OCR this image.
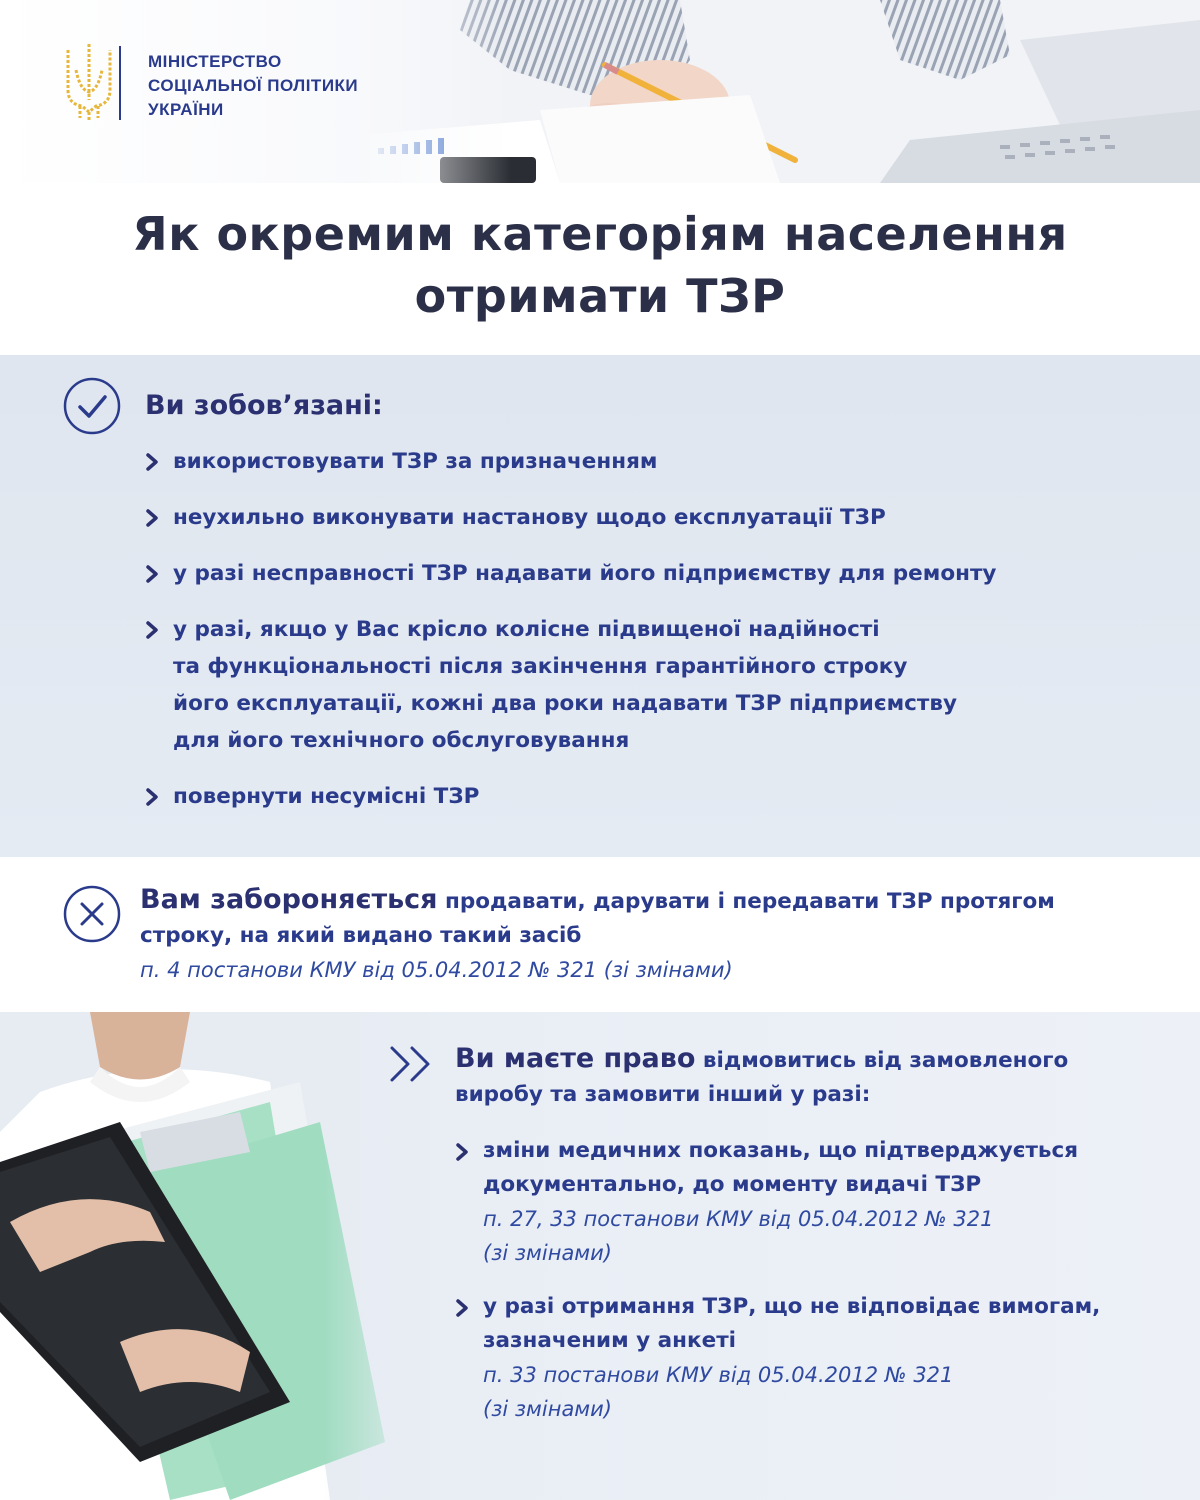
МІНІСТЕРСТВО
СОЦІАЛЬНОЇ ПОЛІТИКИ
УКРАЇНИ
Як окремим категоріям населення
отримати ТЗР
Ви зобов’язані:
використовувати ТЗР за призначенням
неухильно виконувати настанову щодо експлуатації ТЗР
у разі несправності ТЗР надавати його підприємству для ремонту
у разі, якщо у Вас крісло колісне підвищеної надійності
та функціональності після закінчення гарантійного строку
його експлуатації, кожні два роки надавати ТЗР підприємству
для його технічного обслуговування
повернути несумісні ТЗР
Вам забороняється продавати, дарувати і передавати ТЗР протягом
строку, на який видано такий засіб
п. 4 постанови КМУ від 05.04.2012 № 321 (зі змінами)
Ви маєте право відмовитись від замовленого
виробу та замовити інший у разі:
зміни медичних показань, що підтверджується
документально, до моменту видачі ТЗР
п. 27, 33 постанови КМУ від 05.04.2012 № 321
(зі змінами)
у разі отримання ТЗР, що не відповідає вимогам,
зазначеним у анкеті
п. 33 постанови КМУ від 05.04.2012 № 321
(зі змінами)
